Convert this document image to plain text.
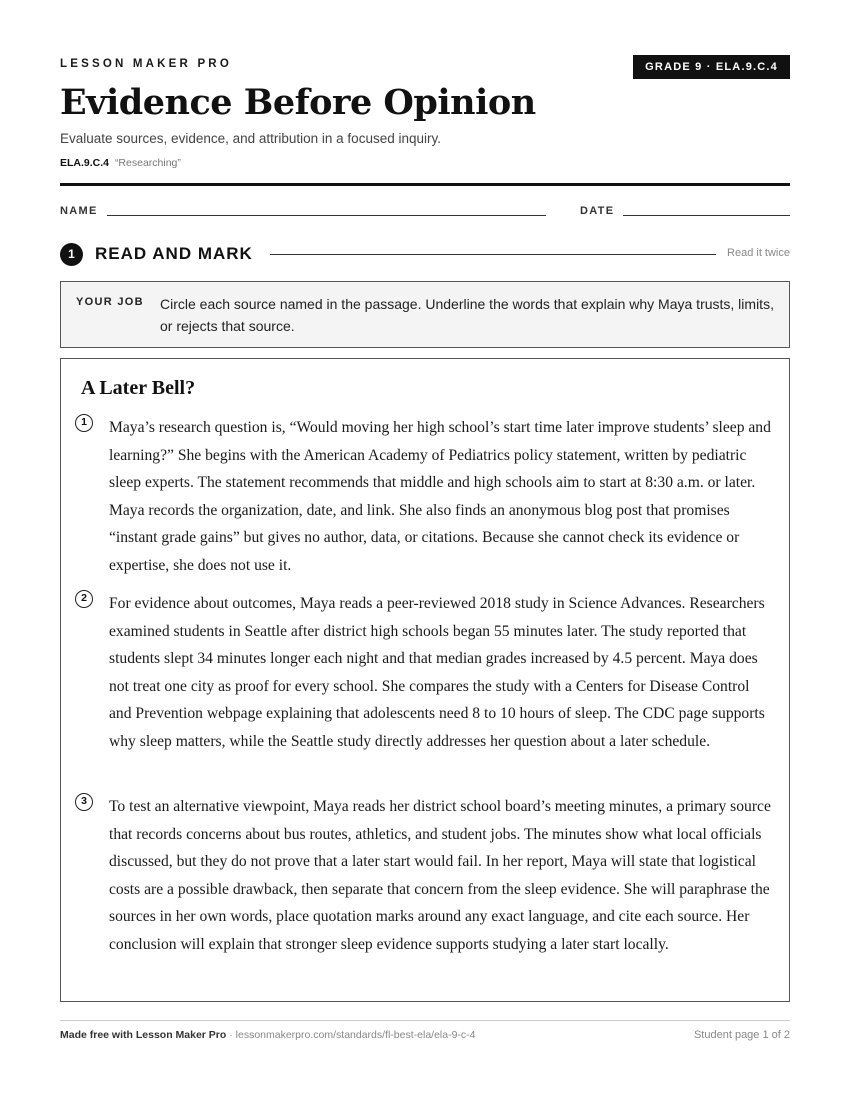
LESSON MAKER PRO	GRADE 9 · ELA.9.C.4
Evidence Before Opinion
Evaluate sources, evidence, and attribution in a focused inquiry.
ELA.9.C.4 “Researching”
NAME	DATE
1	READ AND MARK	Read it twice
YOUR JOB Circle each source named in the passage. Underline the words that explain why Maya trusts, limits, or rejects that source.
A Later Bell?
1	Maya’s research question is, “Would moving her high school’s start time later improve students’ sleep and learning?” She begins with the American Academy of Pediatrics policy statement, written by pediatric sleep experts. The statement recommends that middle and high schools aim to start at 8:30 a.m. or later. Maya records the organization, date, and link. She also finds an anonymous blog post that promises “instant grade gains” but gives no author, data, or citations. Because she cannot check its evidence or expertise, she does not use it.

2	For evidence about outcomes, Maya reads a peer-reviewed 2018 study in Science Advances. Researchers examined students in Seattle after district high schools began 55 minutes later. The study reported that students slept 34 minutes longer each night and that median grades increased by 4.5 percent. Maya does not treat one city as proof for every school. She compares the study with a Centers for Disease Control and Prevention webpage explaining that adolescents need 8 to 10 hours of sleep. The CDC page supports why sleep matters, while the Seattle study directly addresses her question about a later schedule.

3	To test an alternative viewpoint, Maya reads her district school board’s meeting minutes, a primary source that records concerns about bus routes, athletics, and student jobs. The minutes show what local officials discussed, but they do not prove that a later start would fail. In her report, Maya will state that logistical costs are a possible drawback, then separate that concern from the sleep evidence. She will paraphrase the sources in her own words, place quotation marks around any exact language, and cite each source. Her conclusion will explain that stronger sleep evidence supports studying a later start locally.

Made free with Lesson Maker Pro · lessonmakerpro.com/standards/fl-best-ela/ela-9-c-4	Student page 1 of 2
